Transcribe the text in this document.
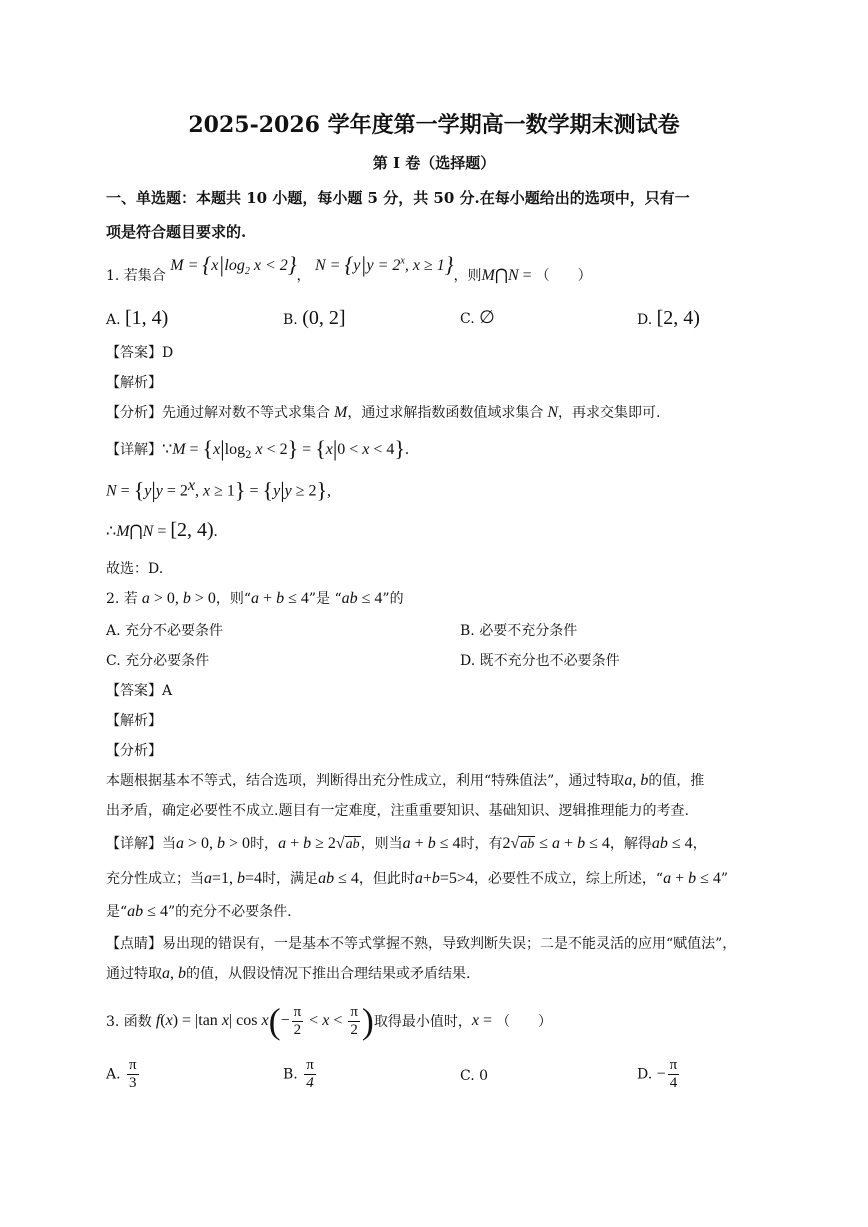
2025-2026 学年度第一学期高一数学期末测试卷
第 I 卷（选择题）
一、单选题：本题共 10 小题，每小题 5 分，共 50 分.在每小题给出的选项中，只有一
项是符合题目要求的.
1. 若集合 $M = \{x|\log_2$ x < 2}， $N = \{y|y = 2^x$, x ≥ 1}，则M⋂N = （　　）
A. [1, 4)	B. (0, 2]	C. ∅	D. [2, 4)
【答案】D
【解析】
【分析】先通过解对数不等式求集合 M，通过求解指数函数值域求集合 N，再求交集即可.
【详解】∵M = {$x|\log_2$ x < 2} = {x|0 < x < 4}.
$N = \{y|y = 2^x$, x ≥ 1} = {y|y ≥ 2},
∴M⋂N = [2, 4).
故选：D.
2. 若 a > 0, b > 0，则“a + b ≤ 4”是 “ab ≤ 4”的
A. 充分不必要条件	B. 必要不充分条件
C. 充分必要条件	D. 既不充分也不必要条件
【答案】A
【解析】
【分析】
本题根据基本不等式，结合选项，判断得出充分性成立，利用“特殊值法”，通过特取a, b的值，推
出矛盾，确定必要性不成立.题目有一定难度，注重重要知识、基础知识、逻辑推理能力的考查.
【详解】当a > 0, b > 0时，a + b ≥ 2√ab，则当a + b ≤ 4时，有2√ab ≤ a + b ≤ 4，解得ab ≤ 4，
充分性成立；当a=1, b=4时，满足ab ≤ 4，但此时a+b=5>4，必要性不成立，综上所述，“a + b ≤ 4”
是“ab ≤ 4”的充分不必要条件.
【点睛】易出现的错误有，一是基本不等式掌握不熟，导致判断失误；二是不能灵活的应用“赋值法”，
通过特取a, b的值，从假设情况下推出合理结果或矛盾结果.
3. 函数 f(x) = |tan x| $\cos x(- \frac{\pi}{2} < x < \frac{\pi}{2}$ )取得最小值时，x = （　　）
A. $\frac{\pi}{3}$	B. $\frac{\pi}{4}$	C. 0	D. − $\frac{\pi}{4}$
